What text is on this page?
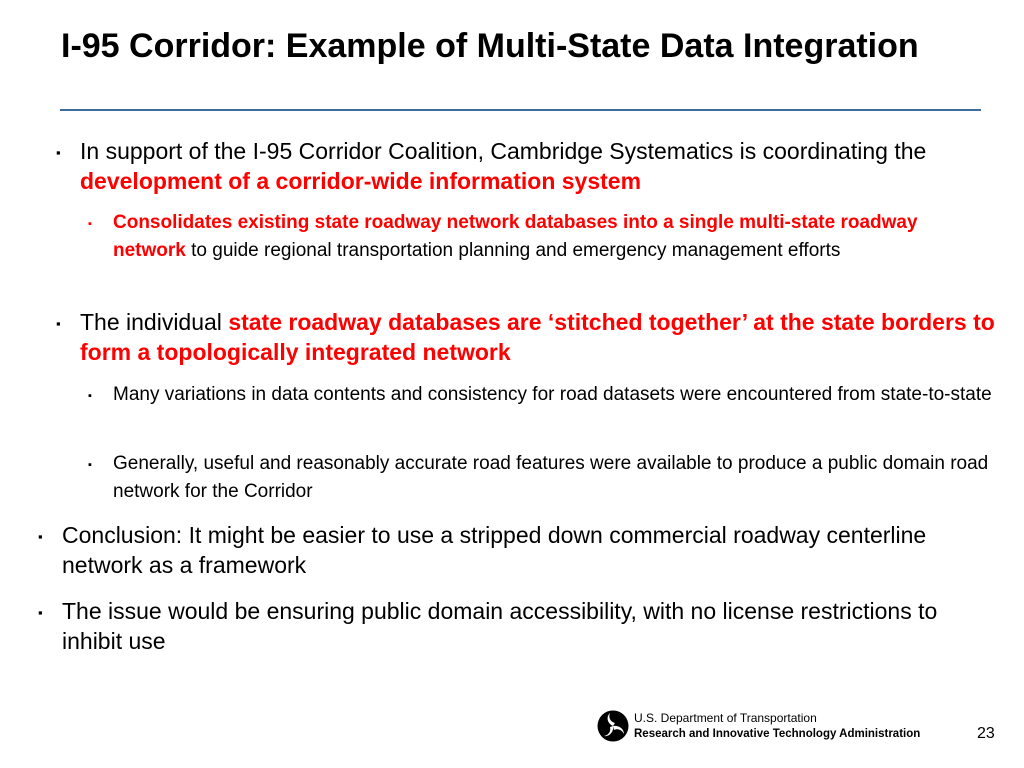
I-95 Corridor: Example of Multi-State Data Integration

▪ In support of the I-95 Corridor Coalition, Cambridge Systematics is coordinating the development of a corridor-wide information system

▪ Consolidates existing state roadway network databases into a single multi-state roadway network to guide regional transportation planning and emergency management efforts

▪ The individual state roadway databases are ‘stitched together’ at the state borders to form a topologically integrated network

▪ Many variations in data contents and consistency for road datasets were encountered from state-to-state

▪ Generally, useful and reasonably accurate road features were available to produce a public domain road network for the Corridor

▪ Conclusion: It might be easier to use a stripped down commercial roadway centerline network as a framework

▪ The issue would be ensuring public domain accessibility, with no license restrictions to inhibit use

U.S. Department of Transportation
Research and Innovative Technology Administration	23
